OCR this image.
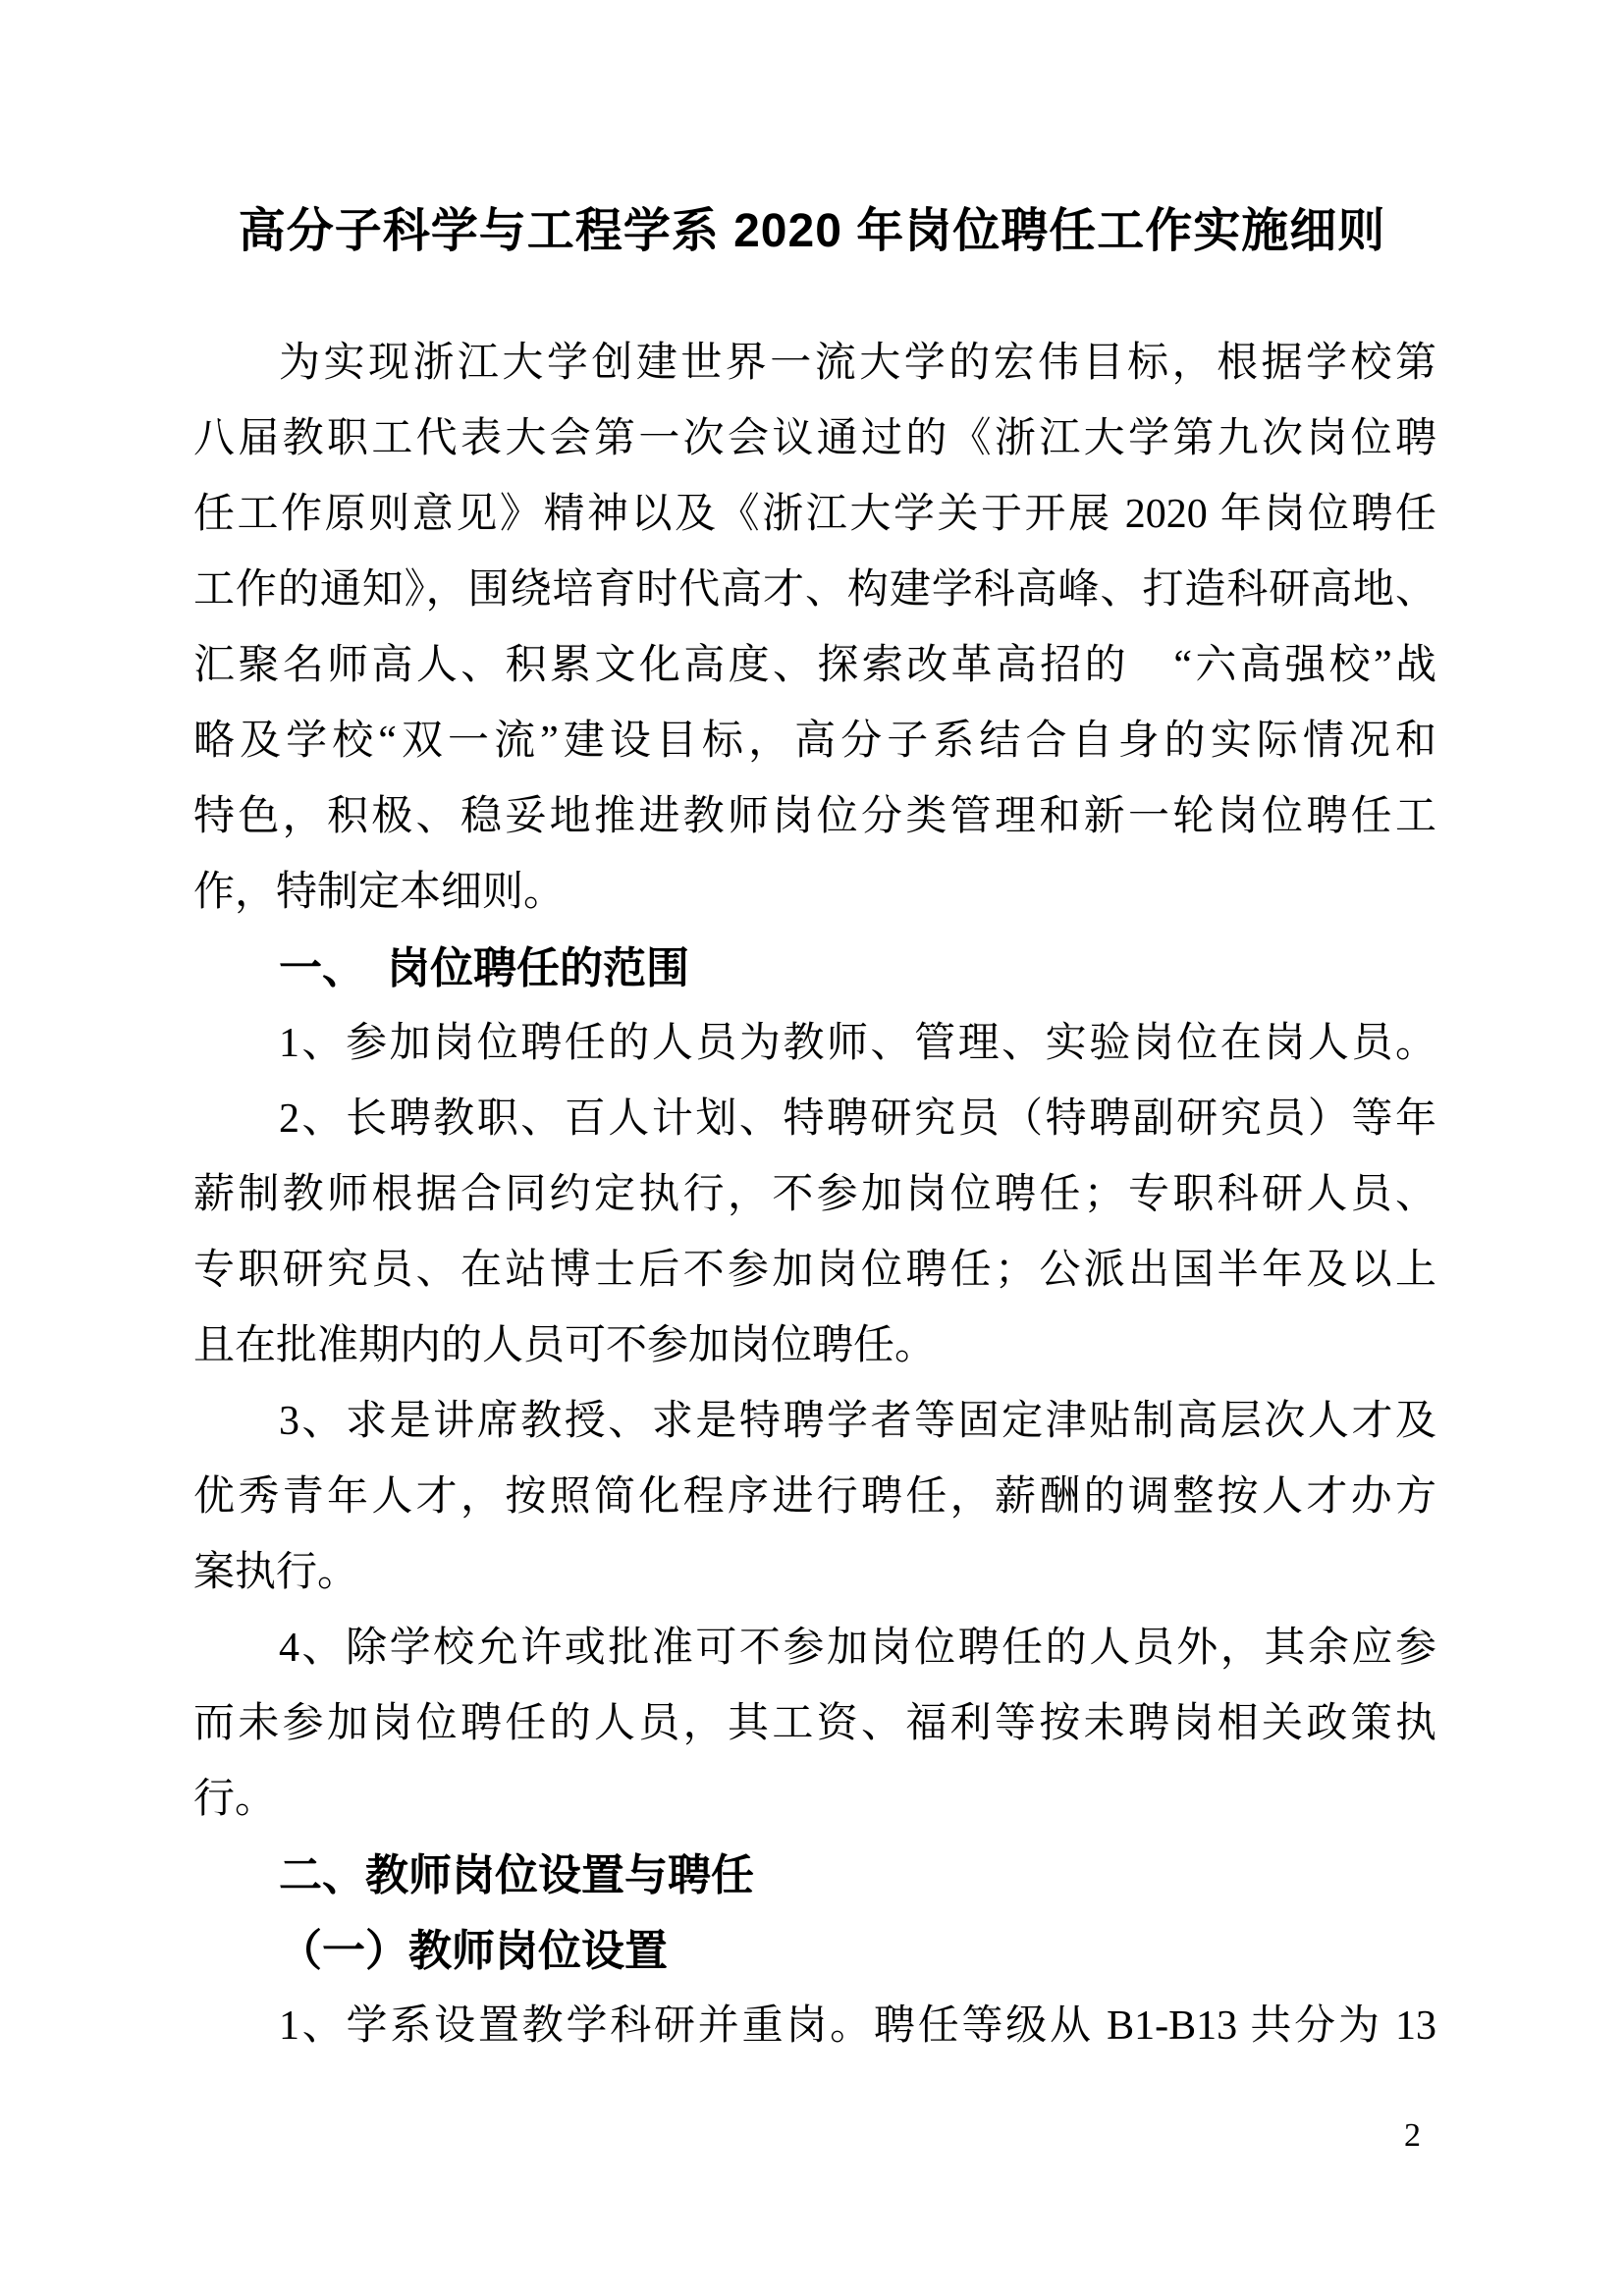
高分子科学与工程学系 2020 年岗位聘任工作实施细则
为实现浙江大学创建世界一流大学的宏伟目标，根据学校第
八届教职工代表大会第一次会议通过的《浙江大学第九次岗位聘
任工作原则意见》精神以及《浙江大学关于开展 2020 年岗位聘任
工作的通知》，围绕培育时代高才、构建学科高峰、打造科研高地、
汇聚名师高人、积累文化高度、探索改革高招的　“六高强校”战
略及学校“双一流”建设目标，高分子系结合自身的实际情况和
特色，积极、稳妥地推进教师岗位分类管理和新一轮岗位聘任工
作，特制定本细则。
一、　岗位聘任的范围
1、参加岗位聘任的人员为教师、管理、实验岗位在岗人员。
2、长聘教职、百人计划、特聘研究员（特聘副研究员）等年
薪制教师根据合同约定执行，不参加岗位聘任；专职科研人员、
专职研究员、在站博士后不参加岗位聘任；公派出国半年及以上
且在批准期内的人员可不参加岗位聘任。
3、求是讲席教授、求是特聘学者等固定津贴制高层次人才及
优秀青年人才，按照简化程序进行聘任，薪酬的调整按人才办方
案执行。
4、除学校允许或批准可不参加岗位聘任的人员外，其余应参
而未参加岗位聘任的人员，其工资、福利等按未聘岗相关政策执
行。
二、教师岗位设置与聘任
（一）教师岗位设置
1、学系设置教学科研并重岗。聘任等级从 B1-B13 共分为 13
2
